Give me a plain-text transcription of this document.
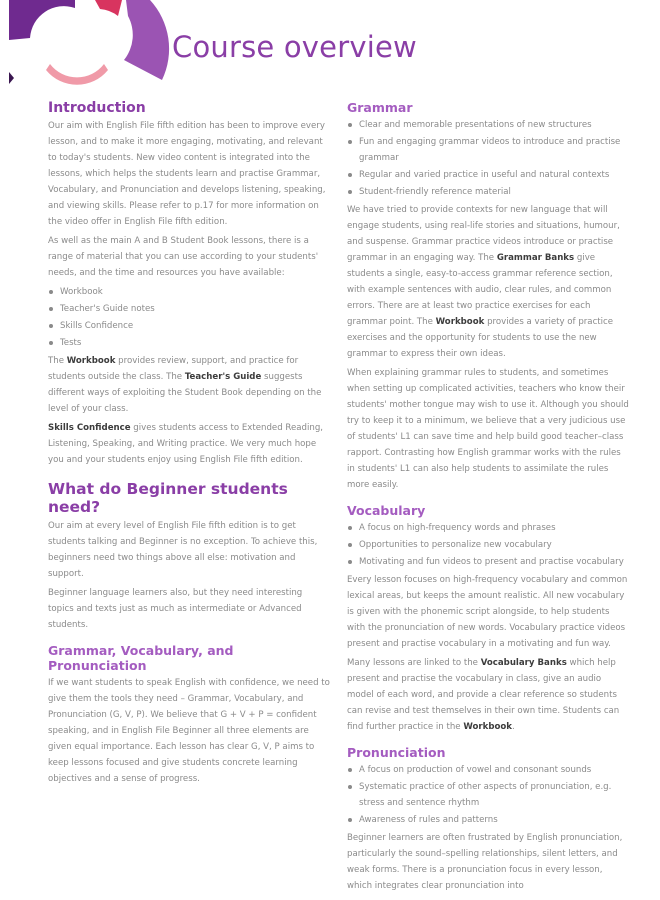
Course overview
Introduction

Our aim with English File fifth edition has been to improve every lesson, and to make it more engaging, motivating, and relevant to today's students. New video content is integrated into the lessons, which helps the students learn and practise Grammar, Vocabulary, and Pronunciation and develops listening, speaking, and viewing skills. Please refer to p.17 for more information on the video offer in English File fifth edition.

As well as the main A and B Student Book lessons, there is a range of material that you can use according to your students' needs, and the time and resources you have available:

Workbook
Teacher's Guide notes
Skills Confidence
Tests

The Workbook provides review, support, and practice for students outside the class. The Teacher's Guide suggests different ways of exploiting the Student Book depending on the level of your class.

Skills Confidence gives students access to Extended Reading, Listening, Speaking, and Writing practice. We very much hope you and your students enjoy using English File fifth edition.

What do Beginner students need?

Our aim at every level of English File fifth edition is to get students talking and Beginner is no exception. To achieve this, beginners need two things above all else: motivation and support.

Beginner language learners also, but they need interesting topics and texts just as much as intermediate or Advanced students.

Grammar, Vocabulary, and Pronunciation

If we want students to speak English with confidence, we need to give them the tools they need – Grammar, Vocabulary, and Pronunciation (G, V, P). We believe that G + V + P = confident speaking, and in English File Beginner all three elements are given equal importance. Each lesson has clear G, V, P aims to keep lessons focused and give students concrete learning objectives and a sense of progress.

Grammar
Clear and memorable presentations of new structures
Fun and engaging grammar videos to introduce and practise grammar
Regular and varied practice in useful and natural contexts
Student-friendly reference material

We have tried to provide contexts for new language that will engage students, using real-life stories and situations, humour, and suspense. Grammar practice videos introduce or practise grammar in an engaging way. The Grammar Banks give students a single, easy-to-access grammar reference section, with example sentences with audio, clear rules, and common errors. There are at least two practice exercises for each grammar point. The Workbook provides a variety of practice exercises and the opportunity for students to use the new grammar to express their own ideas.

When explaining grammar rules to students, and sometimes when setting up complicated activities, teachers who know their students' mother tongue may wish to use it. Although you should try to keep it to a minimum, we believe that a very judicious use of students' L1 can save time and help build good teacher–class rapport. Contrasting how English grammar works with the rules in students' L1 can also help students to assimilate the rules more easily.

Vocabulary
A focus on high-frequency words and phrases
Opportunities to personalize new vocabulary
Motivating and fun videos to present and practise vocabulary

Every lesson focuses on high-frequency vocabulary and common lexical areas, but keeps the amount realistic. All new vocabulary is given with the phonemic script alongside, to help students with the pronunciation of new words. Vocabulary practice videos present and practise vocabulary in a motivating and fun way.

Many lessons are linked to the Vocabulary Banks which help present and practise the vocabulary in class, give an audio model of each word, and provide a clear reference so students can revise and test themselves in their own time. Students can find further practice in the Workbook.

Pronunciation
A focus on production of vowel and consonant sounds
Systematic practice of other aspects of pronunciation, e.g. stress and sentence rhythm
Awareness of rules and patterns

Beginner learners are often frustrated by English pronunciation, particularly the sound–spelling relationships, silent letters, and weak forms. There is a pronunciation focus in every lesson, which integrates clear pronunciation into
